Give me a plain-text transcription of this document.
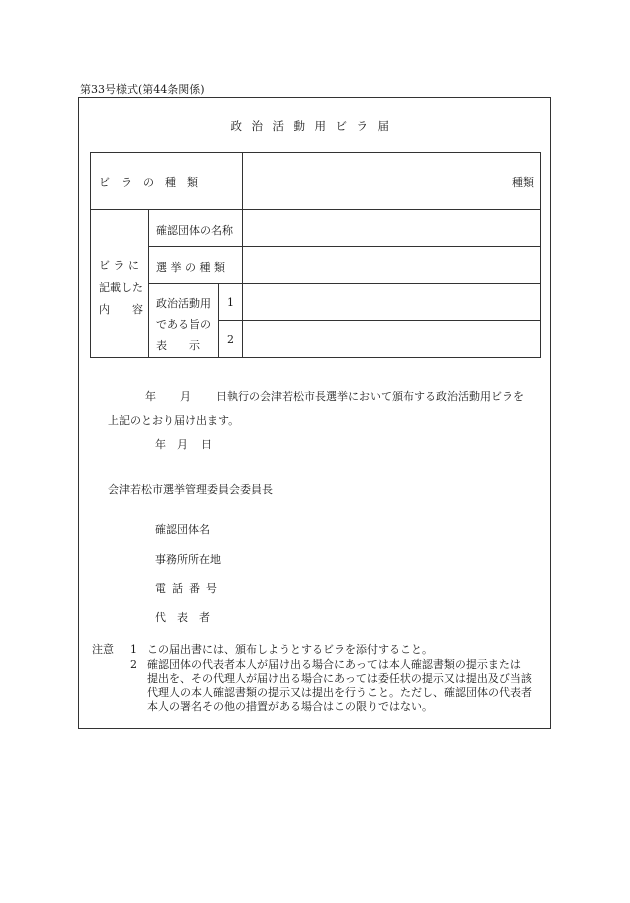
第33号様式(第44条関係)
政治活動用ビラ届
ビ　ラ　の　種　類	種類
ビ ラ に
記載した
内　　容
確認団体の名称
選 挙 の 種 類
政治活動用
である旨の
表　　示
1
2
年 月 日執行の会津若松市長選挙において頒布する政治活動用ビラを
上記のとおり届け出ます。
年 月 日
会津若松市選挙管理委員会委員長
確認団体名
事務所所在地
電話番号
代　表　者
注意 1 この届出書には、頒布しようとするビラを添付すること。
2 確認団体の代表者本人が届け出る場合にあっては本人確認書類の提示または
提出を、その代理人が届け出る場合にあっては委任状の提示又は提出及び当該
代理人の本人確認書類の提示又は提出を行うこと。ただし、確認団体の代表者
本人の署名その他の措置がある場合はこの限りではない。
